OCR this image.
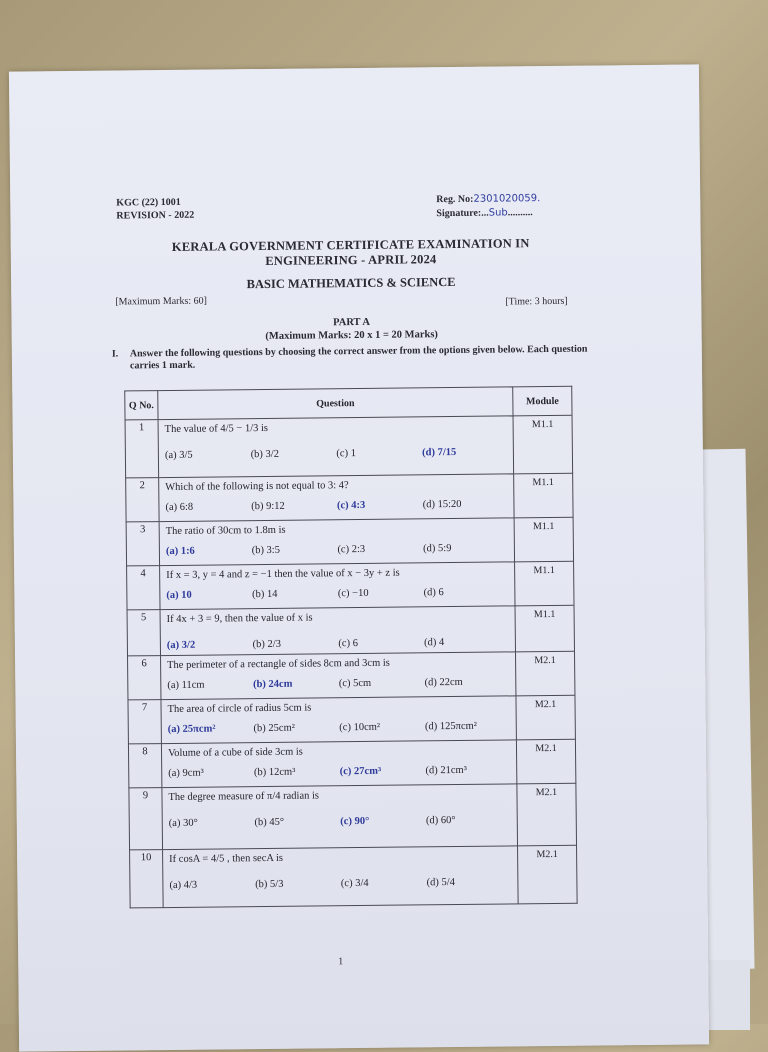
KGC (22) 1001
REVISION - 2022
Reg. No:2301020059.
Signature:...Sub..........
KERALA GOVERNMENT CERTIFICATE EXAMINATION IN
ENGINEERING - APRIL 2024
BASIC MATHEMATICS & SCIENCE
[Maximum Marks: 60]	[Time: 3 hours]
PART A
(Maximum Marks: 20 x 1 = 20 Marks)
I. Answer the following questions by choosing the correct answer from the options given below. Each question carries 1 mark.
Q No.	Question	Module
1	The value of 4/5 − 1/3 is
(a) 3/5 (b) 3/2 (c) 1 (d) 7/15	M1.1
2	Which of the following is not equal to 3: 4?
(a) 6:8 (b) 9:12 (c) 4:3 (d) 15:20	M1.1
3	The ratio of 30cm to 1.8m is
(a) 1:6 (b) 3:5 (c) 2:3 (d) 5:9	M1.1
4	If x = 3, y = 4 and z = −1 then the value of x − 3y + z is
(a) 10 (b) 14 (c) −10 (d) 6	M1.1
5	If 4x + 3 = 9, then the value of x is
(a) 3/2 (b) 2/3 (c) 6 (d) 4	M1.1
6	The perimeter of a rectangle of sides 8cm and 3cm is
(a) 11cm (b) 24cm (c) 5cm (d) 22cm	M2.1
7	The area of circle of radius 5cm is
(a) 25πcm² (b) 25cm² (c) 10cm² (d) 125πcm²	M2.1
8	Volume of a cube of side 3cm is
(a) 9cm³ (b) 12cm³ (c) 27cm³ (d) 21cm³	M2.1
9	The degree measure of π/4 radian is
(a) 30° (b) 45° (c) 90° (d) 60°	M2.1
10	If cosA = 4/5 , then secA is
(a) 4/3 (b) 5/3 (c) 3/4 (d) 5/4	M2.1
1
